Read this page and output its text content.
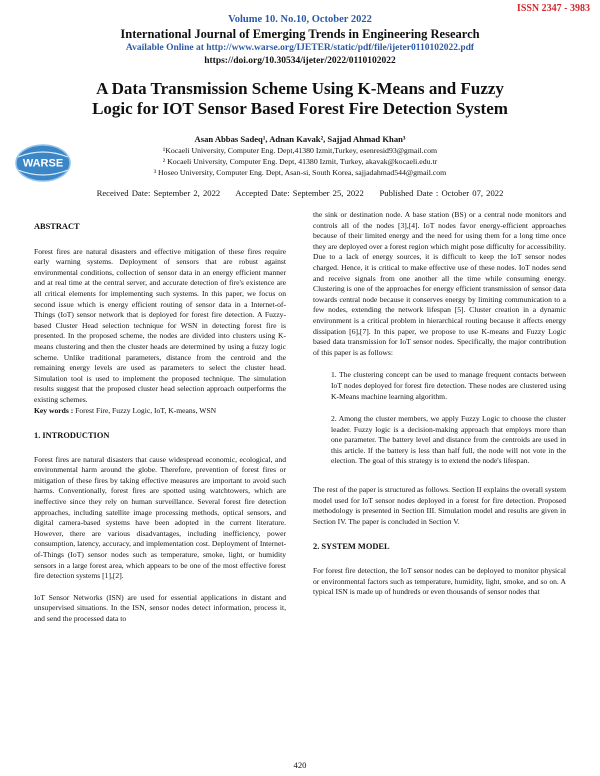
ISSN 2347 - 3983
Volume 10. No.10, October 2022
International Journal of Emerging Trends in Engineering Research
Available Online at http://www.warse.org/IJETER/static/pdf/file/ijeter0110102022.pdf
https://doi.org/10.30534/ijeter/2022/0110102022
A Data Transmission Scheme Using K-Means and Fuzzy
Logic for IOT Sensor Based Forest Fire Detection System
WARSE
Asan Abbas Sadeq¹, Adnan Kavak², Sajjad Ahmad Khan³
¹Kocaeli University, Computer Eng. Dept,41380 Izmit,Turkey, esenresid93@gmail.com
² Kocaeli University, Computer Eng. Dept, 41380 Izmit, Turkey, akavak@kocaeli.edu.tr
³ Hoseo University, Computer Eng. Dept, Asan-si, South Korea, sajjadahmad544@gmail.com
Received Date: September 2, 2022     Accepted Date: September 25, 2022     Published Date : October 07, 2022
ABSTRACT

Forest fires are natural disasters and effective mitigation of these fires require early warning systems. Deployment of sensors that are robust against environmental conditions, collection of sensor data in an energy efficient manner and at real time at the central server, and accurate detection of fire's existence are all critical elements for implementing such systems. In this paper, we focus on second issue which is energy efficient routing of sensor data in a Internet-of-Things (IoT) sensor network that is deployed for forest fire detection. A Fuzzy-based Cluster Head selection technique for WSN in detecting forest fire is presented. In the proposed scheme, the nodes are divided into clusters using K-means clustering and then the cluster heads are determined by using a fuzzy logic scheme. Unlike traditional parameters, distance from the centroid and the remaining energy levels are used as parameters to select the cluster head. Simulation tool is used to implement the proposed technique. The simulation results suggest that the proposed cluster head selection approach outperforms the existing schemes.

Key words : Forest Fire, Fuzzy Logic, IoT, K-means, WSN

1. INTRODUCTION

Forest fires are natural disasters that cause widespread economic, ecological, and environmental harm around the globe. Therefore, prevention of forest fires or mitigation of these fires by taking effective measures are important to avoid such harms. Conventionally, forest fires are spotted using watchtowers, which are ineffective since they rely on human surveillance. Several forest fire detection approaches, including satellite image processing methods, optical sensors, and digital camera-based systems have been adopted in the current literature. However, there are various disadvantages, including inefficiency, power consumption, latency, accuracy, and implementation cost. Deployment of Internet-of-Things (IoT) sensor nodes such as temperature, smoke, light, or humidity sensors in a large forest area, which appears to be one of the most effective forest fire detection systems [1],[2].

IoT Sensor Networks (ISN) are used for essential applications in distant and unsupervised situations. In the ISN, sensor nodes detect information, process it, and send the processed data to

the sink or destination node. A base station (BS) or a central node monitors and controls all of the nodes [3],[4]. IoT nodes favor energy-efficient approaches because of their limited energy and the need for using them for a long time once they are deployed over a forest region which might pose difficulty for accessibility. Due to a lack of energy sources, it is difficult to keep the IoT sensor nodes charged. Hence, it is critical to make effective use of these nodes. IoT nodes send and receive signals from one another all the time while consuming energy. Clustering is one of the approaches for energy efficient transmission of sensor data towards central node because it conserves energy by limiting communication to a few nodes, extending the network lifespan [5]. Cluster creation in a dynamic environment is a critical problem in hierarchical routing because it affects energy dissipation [6],[7]. In this paper, we propose to use K-means and Fuzzy Logic based data transmission for IoT sensor nodes. Specifically, the major contribution of this paper is as follows:

1. The clustering concept can be used to manage frequent contacts between IoT nodes deployed for forest fire detection. These nodes are clustered using K-Means machine learning algorithm.

2. Among the cluster members, we apply Fuzzy Logic to choose the cluster leader. Fuzzy logic is a decision-making approach that employs more than one parameter. The battery level and distance from the centroids are used in this article. If the battery is less than half full, the node will not vote in the election. The goal of this strategy is to extend the node's lifespan.

The rest of the paper is structured as follows. Section II explains the overall system model used for IoT sensor nodes deployed in a forest for fire detection. Proposed methodology is presented in Section III. Simulation model and results are given in Section IV. The paper is concluded in Section V.

2. SYSTEM MODEL

For forest fire detection, the IoT sensor nodes can be deployed to monitor physical or environmental factors such as temperature, humidity, light, smoke, and so on. A typical ISN is made up of hundreds or even thousands of sensor nodes that

420
